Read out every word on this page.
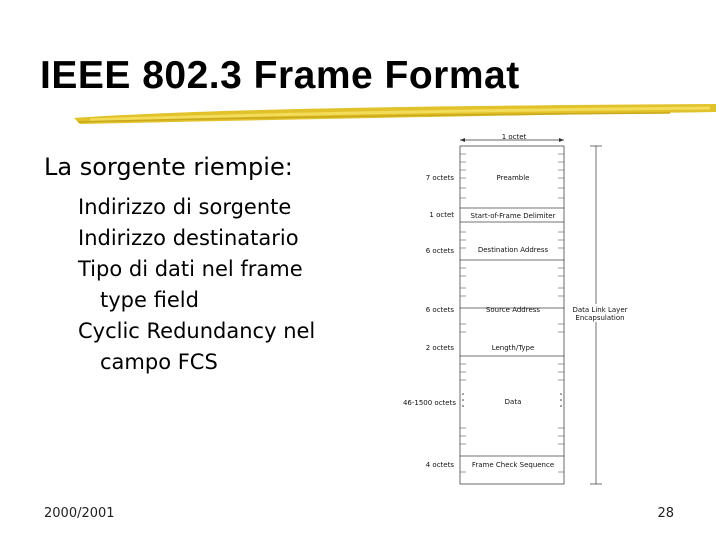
IEEE 802.3 Frame Format

La sorgente riempie:

Indirizzo di sorgente

Indirizzo destinatario

Tipo di dati nel frame

type field

Cyclic Redundancy nel

campo FCS

1 octet
Preamble
Start-of-Frame Delimiter
Destination Address
Source Address
Length/Type
Data
Frame Check Sequence
7 octets
1 octet
6 octets
6 octets
2 octets
46-1500 octets
4 octets
Data Link Layer
Encapsulation
2000/2001	28
